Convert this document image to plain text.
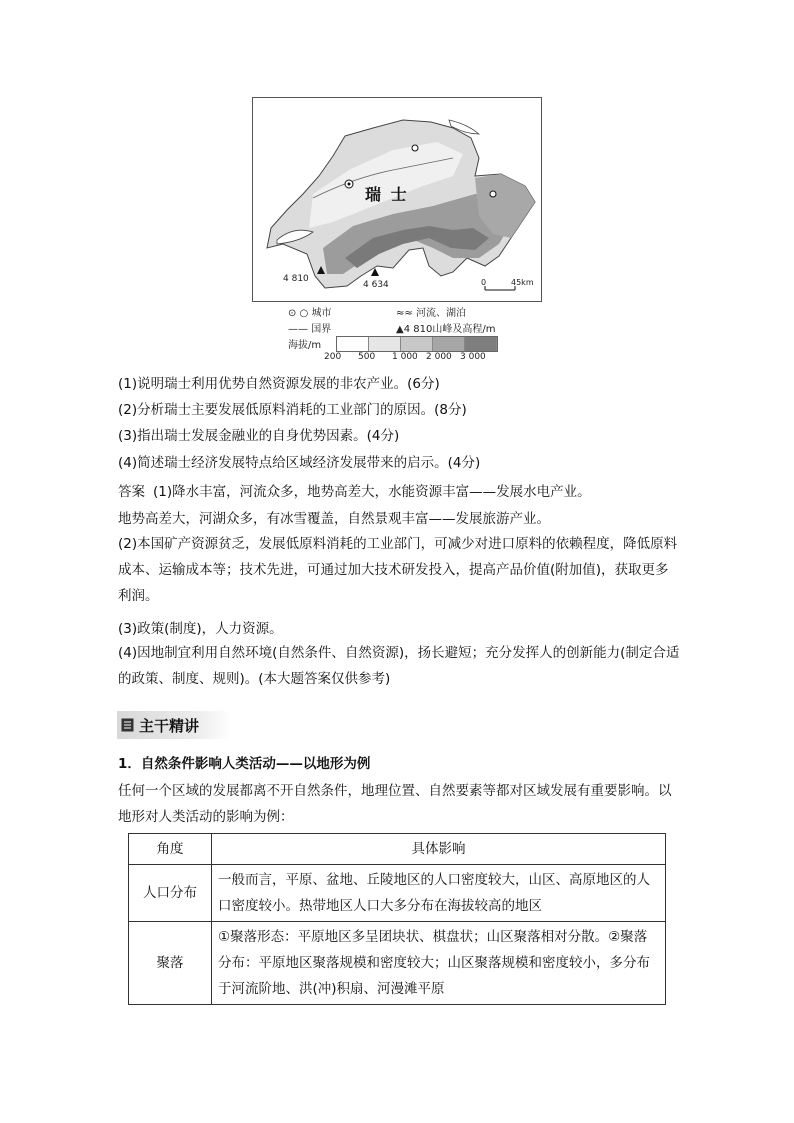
瑞 士
4 810
4 634	0	45km
⊙ ○ 城市	≈≈ 河流、湖泊
—— 国界	▲4 810山峰及高程/m
海拔/m
200	500	1 000 2 000 3 000
(1)说明瑞士利用优势自然资源发展的非农产业。(6分)
(2)分析瑞士主要发展低原料消耗的工业部门的原因。(8分)
(3)指出瑞士发展金融业的自身优势因素。(4分)
(4)简述瑞士经济发展特点给区域经济发展带来的启示。(4分)
答案 (1)降水丰富，河流众多，地势高差大，水能资源丰富——发展水电产业。
地势高差大，河湖众多，有冰雪覆盖，自然景观丰富——发展旅游产业。
(2)本国矿产资源贫乏，发展低原料消耗的工业部门，可减少对进口原料的依赖程度，降低原料成本、运输成本等；技术先进，可通过加大技术研发投入，提高产品价值(附加值)，获取更多利润。
(3)政策(制度)，人力资源。
(4)因地制宜利用自然环境(自然条件、自然资源)，扬长避短；充分发挥人的创新能力(制定合适的政策、制度、规则)。(本大题答案仅供参考)
主干精讲
1．自然条件影响人类活动——以地形为例
任何一个区域的发展都离不开自然条件，地理位置、自然要素等都对区域发展有重要影响。以地形对人类活动的影响为例：
角度	具体影响
人口分布	一般而言，平原、盆地、丘陵地区的人口密度较大，山区、高原地区的人口密度较小。热带地区人口大多分布在海拔较高的地区
聚落	①聚落形态：平原地区多呈团块状、棋盘状；山区聚落相对分散。②聚落分布：平原地区聚落规模和密度较大；山区聚落规模和密度较小，多分布于河流阶地、洪(冲)积扇、河漫滩平原
